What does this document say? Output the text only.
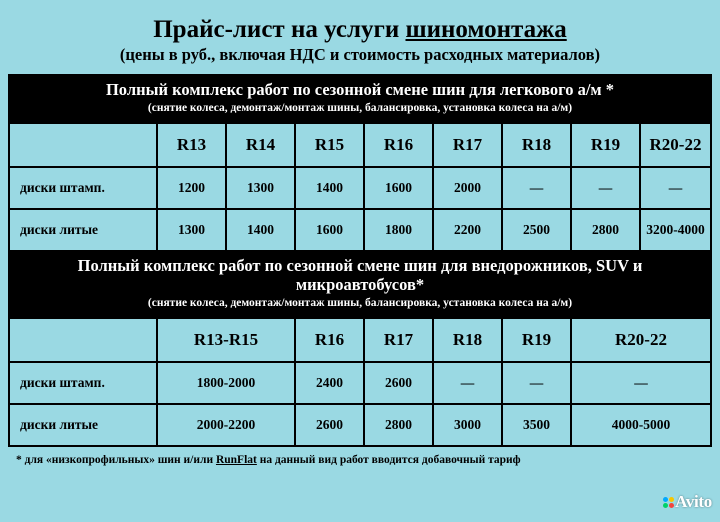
Прайс-лист на услуги шиномонтажа
(цены в руб., включая НДС и стоимость расходных материалов)
Полный комплекс работ по сезонной смене шин для легкового а/м *
(снятие колеса, демонтаж/монтаж шины, балансировка, установка колеса на а/м)								

	R13	R14	R15	R16	R17	R18	R19	R20-22
диски штамп.	1200	1300	1400	1600	2000	—	—	—
диски литые	1300	1400	1600	1800	2200	2500	2800	3200-4000

Полный комплекс работ по сезонной смене шин для внедорожников, SUV и микроавтобусов*
(снятие колеса, демонтаж/монтаж шины, балансировка, установка колеса на а/м)								

	R13-R15		R16	R17	R18	R19	R20-22	
диски штамп.	1800-2000		2400	2600	—	—	—	
диски литые	2000-2200		2600	2800	3000	3500	4000-5000	
* для «низкопрофильных» шин и/или RunFlat на данный вид работ вводится добавочный тариф
Avito
